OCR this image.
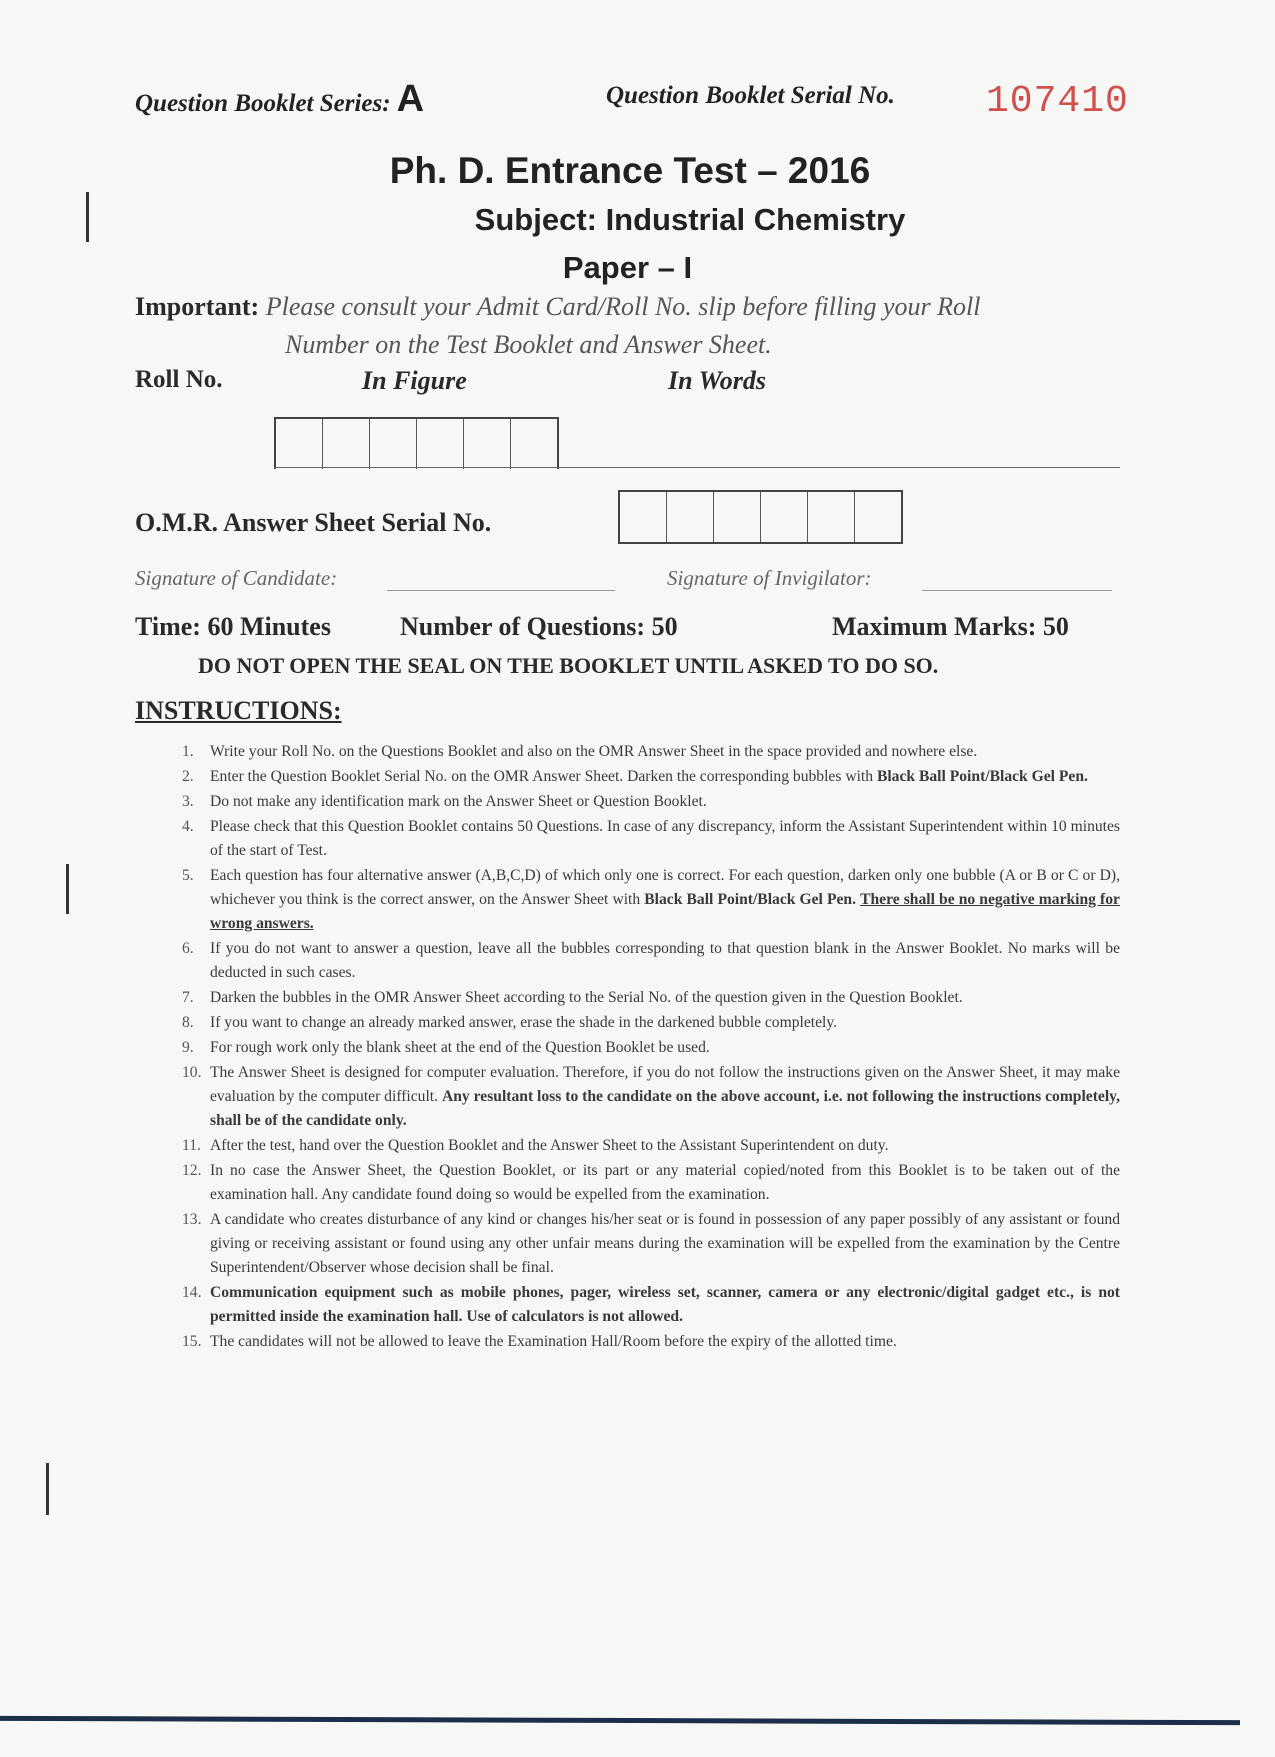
Question Booklet Series: A	Question Booklet Serial No. 107410
Ph. D. Entrance Test – 2016
Subject: Industrial Chemistry
Paper – I
Important: Please consult your Admit Card/Roll No. slip before filling your Roll
Number on the Test Booklet and Answer Sheet.
Roll No.	In Figure	In Words
O.M.R. Answer Sheet Serial No.
Signature of Candidate:	Signature of Invigilator:
Time: 60 Minutes	Number of Questions: 50	Maximum Marks: 50
DO NOT OPEN THE SEAL ON THE BOOKLET UNTIL ASKED TO DO SO.
INSTRUCTIONS:
1.	Write your Roll No. on the Questions Booklet and also on the OMR Answer Sheet in the space provided and nowhere else.
2.	Enter the Question Booklet Serial No. on the OMR Answer Sheet. Darken the corresponding bubbles with Black Ball Point/Black Gel Pen.
3.	Do not make any identification mark on the Answer Sheet or Question Booklet.
4.	Please check that this Question Booklet contains 50 Questions. In case of any discrepancy, inform the Assistant Superintendent within 10 minutes of the start of Test.
5.	Each question has four alternative answer (A,B,C,D) of which only one is correct. For each question, darken only one bubble (A or B or C or D), whichever you think is the correct answer, on the Answer Sheet with Black Ball Point/Black Gel Pen. There shall be no negative marking for wrong answers.
6.	If you do not want to answer a question, leave all the bubbles corresponding to that question blank in the Answer Booklet. No marks will be deducted in such cases.
7.	Darken the bubbles in the OMR Answer Sheet according to the Serial No. of the question given in the Question Booklet.
8.	If you want to change an already marked answer, erase the shade in the darkened bubble completely.
9.	For rough work only the blank sheet at the end of the Question Booklet be used.
10. The Answer Sheet is designed for computer evaluation. Therefore, if you do not follow the instructions given on the Answer Sheet, it may make evaluation by the computer difficult. Any resultant loss to the candidate on the above account, i.e. not following the instructions completely, shall be of the candidate only.
11. After the test, hand over the Question Booklet and the Answer Sheet to the Assistant Superintendent on duty.
12. In no case the Answer Sheet, the Question Booklet, or its part or any material copied/noted from this Booklet is to be taken out of the examination hall. Any candidate found doing so would be expelled from the examination.
13. A candidate who creates disturbance of any kind or changes his/her seat or is found in possession of any paper possibly of any assistant or found giving or receiving assistant or found using any other unfair means during the examination will be expelled from the examination by the Centre Superintendent/Observer whose decision shall be final.
14. Communication equipment such as mobile phones, pager, wireless set, scanner, camera or any electronic/digital gadget etc., is not permitted inside the examination hall. Use of calculators is not allowed.
15. The candidates will not be allowed to leave the Examination Hall/Room before the expiry of the allotted time.
